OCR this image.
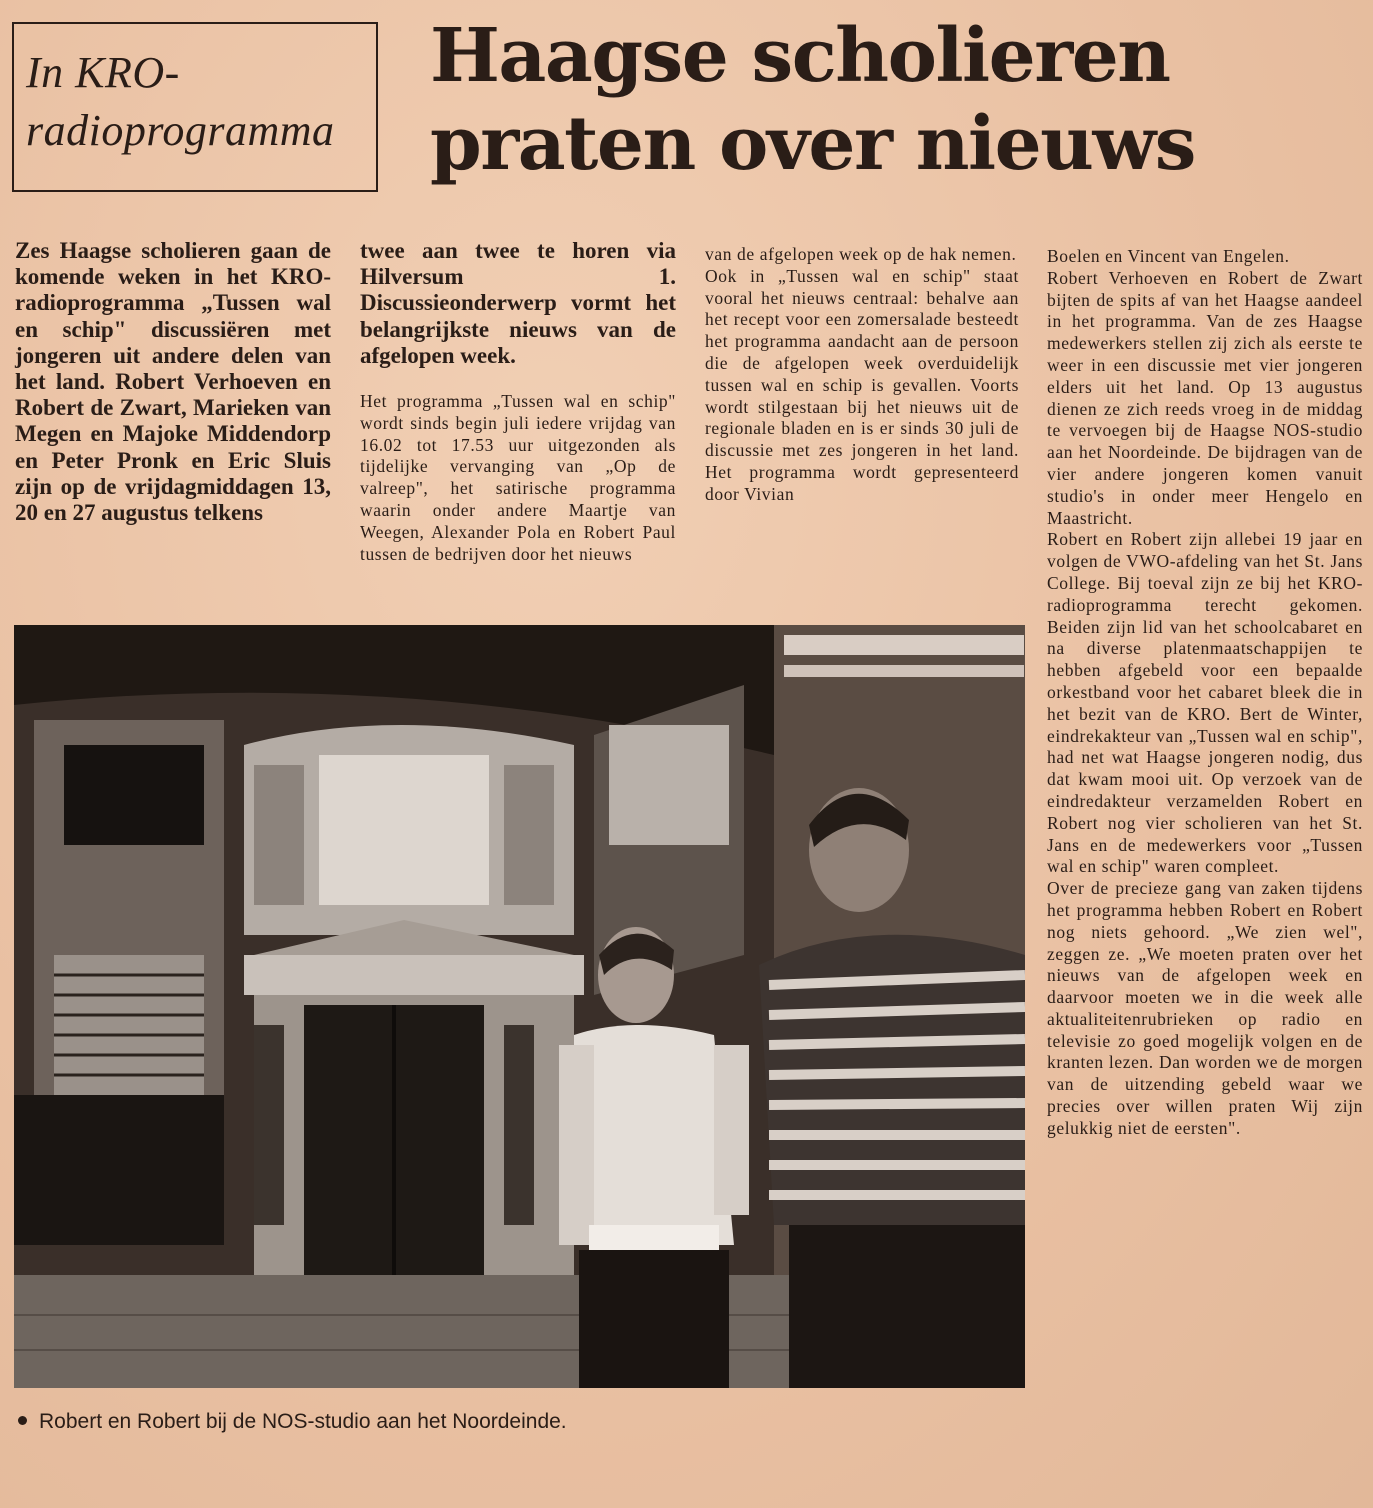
In KRO-
radioprogramma
Haagse scholieren
praten over nieuws

Zes Haagse scholieren gaan de komende weken in het KRO-radioprogramma „Tussen wal en schip" discussiëren met jongeren uit andere delen van het land. Robert Verhoeven en Robert de Zwart, Marieken van Megen en Majoke Middendorp en Peter Pronk en Eric Sluis zijn op de vrijdagmiddagen 13, 20 en 27 augustus telkens

twee aan twee te horen via Hilversum 1. Discussieonderwerp vormt het belangrijkste nieuws van de afgelopen week.

Het programma „Tussen wal en schip" wordt sinds begin juli iedere vrijdag van 16.02 tot 17.53 uur uitgezonden als tijdelijke vervanging van „Op de valreep", het satirische programma waarin onder andere Maartje van Weegen, Alexander Pola en Robert Paul tussen de bedrijven door het nieuws

van de afgelopen week op de hak nemen.

Ook in „Tussen wal en schip" staat vooral het nieuws centraal: behalve aan het recept voor een zomersalade besteedt het programma aandacht aan de persoon die de afgelopen week overduidelijk tussen wal en schip is gevallen. Voorts wordt stilgestaan bij het nieuws uit de regionale bladen en is er sinds 30 juli de discussie met zes jongeren in het land. Het programma wordt gepresenteerd door Vivian

Boelen en Vincent van Engelen.

Robert Verhoeven en Robert de Zwart bijten de spits af van het Haagse aandeel in het programma. Van de zes Haagse medewerkers stellen zij zich als eerste te weer in een discussie met vier jongeren elders uit het land. Op 13 augustus dienen ze zich reeds vroeg in de middag te vervoegen bij de Haagse NOS-studio aan het Noordeinde. De bijdragen van de vier andere jongeren komen vanuit studio's in onder meer Hengelo en Maastricht.

Robert en Robert zijn allebei 19 jaar en volgen de VWO-afdeling van het St. Jans College. Bij toeval zijn ze bij het KRO-radioprogramma terecht gekomen. Beiden zijn lid van het schoolcabaret en na diverse platenmaatschappijen te hebben afgebeld voor een bepaalde orkestband voor het cabaret bleek die in het bezit van de KRO. Bert de Winter, eindrekakteur van „Tussen wal en schip", had net wat Haagse jongeren nodig, dus dat kwam mooi uit. Op verzoek van de eindredakteur verzamelden Robert en Robert nog vier scholieren van het St. Jans en de medewerkers voor „Tussen wal en schip" waren compleet.

Over de precieze gang van zaken tijdens het programma hebben Robert en Robert nog niets gehoord. „We zien wel", zeggen ze. „We moeten praten over het nieuws van de afgelopen week en daarvoor moeten we in die week alle aktualiteitenrubrieken op radio en televisie zo goed mogelijk volgen en de kranten lezen. Dan worden we de morgen van de uitzending gebeld waar we precies over willen praten Wij zijn gelukkig niet de eersten".

Robert en Robert bij de NOS-studio aan het Noordeinde.
